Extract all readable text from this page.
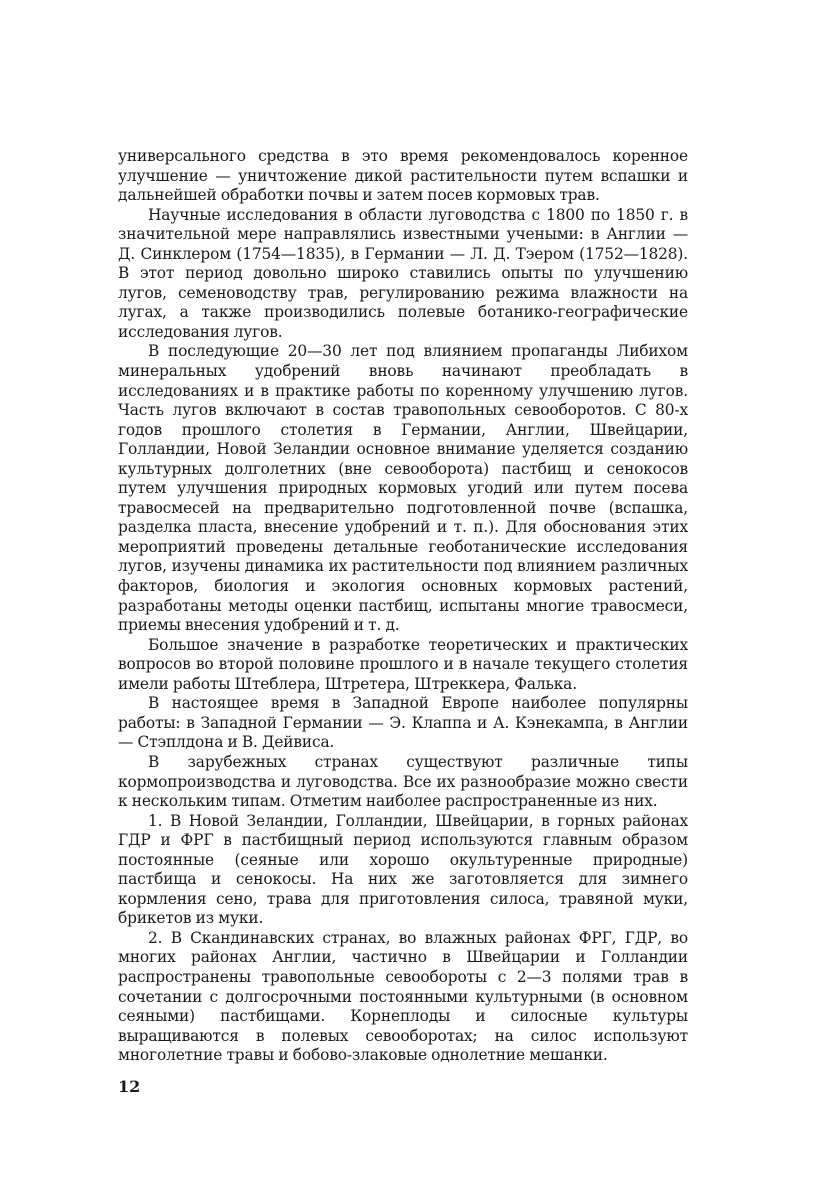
универсального средства в это время рекомендовалось коренное улучшение — уничтожение дикой растительности путем вспашки и дальнейшей обработки почвы и затем посев кормовых трав.

Научные исследования в области луговодства с 1800 по 1850 г. в значительной мере направлялись известными учеными: в Англии — Д. Синклером (1754—1835), в Германии — Л. Д. Тэером (1752—1828). В этот период довольно широко ставились опыты по улучшению лугов, семеноводству трав, регулированию режима влажности на лугах, а также производились полевые ботанико-географические исследования лугов.

В последующие 20—30 лет под влиянием пропаганды Либихом минеральных удобрений вновь начинают преобладать в исследованиях и в практике работы по коренному улучшению лугов. Часть лугов включают в состав травопольных севооборотов. С 80-х годов прошлого столетия в Германии, Англии, Швейцарии, Голландии, Новой Зеландии основное внимание уделяется созданию культурных долголетних (вне севооборота) пастбищ и сенокосов путем улучшения природных кормовых угодий или путем посева травосмесей на предварительно подготовленной почве (вспашка, разделка пласта, внесение удобрений и т. п.). Для обоснования этих мероприятий проведены детальные геоботанические исследования лугов, изучены динамика их растительности под влиянием различных факторов, биология и экология основных кормовых растений, разработаны методы оценки пастбищ, испытаны многие травосмеси, приемы внесения удобрений и т. д.

Большое значение в разработке теоретических и практических вопросов во второй половине прошлого и в начале текущего столетия имели работы Штеблера, Штретера, Штреккера, Фалька.

В настоящее время в Западной Европе наиболее популярны работы: в Западной Германии — Э. Клаппа и А. Кэнекампа, в Англии — Стэплдона и В. Дейвиса.

В зарубежных странах существуют различные типы кормопроизводства и луговодства. Все их разнообразие можно свести к нескольким типам. Отметим наиболее распространенные из них.

1. В Новой Зеландии, Голландии, Швейцарии, в горных районах ГДР и ФРГ в пастбищный период используются главным образом постоянные (сеяные или хорошо окультуренные природные) пастбища и сенокосы. На них же заготовляется для зимнего кормления сено, трава для приготовления силоса, травяной муки, брикетов из муки.

2. В Скандинавских странах, во влажных районах ФРГ, ГДР, во многих районах Англии, частично в Швейцарии и Голландии распространены травопольные севообороты с 2—3 полями трав в сочетании с долгосрочными постоянными культурными (в основном сеяными) пастбищами. Корнеплоды и силосные культуры выращиваются в полевых севооборотах; на силос используют многолетние травы и бобово-злаковые однолетние мешанки.

12
